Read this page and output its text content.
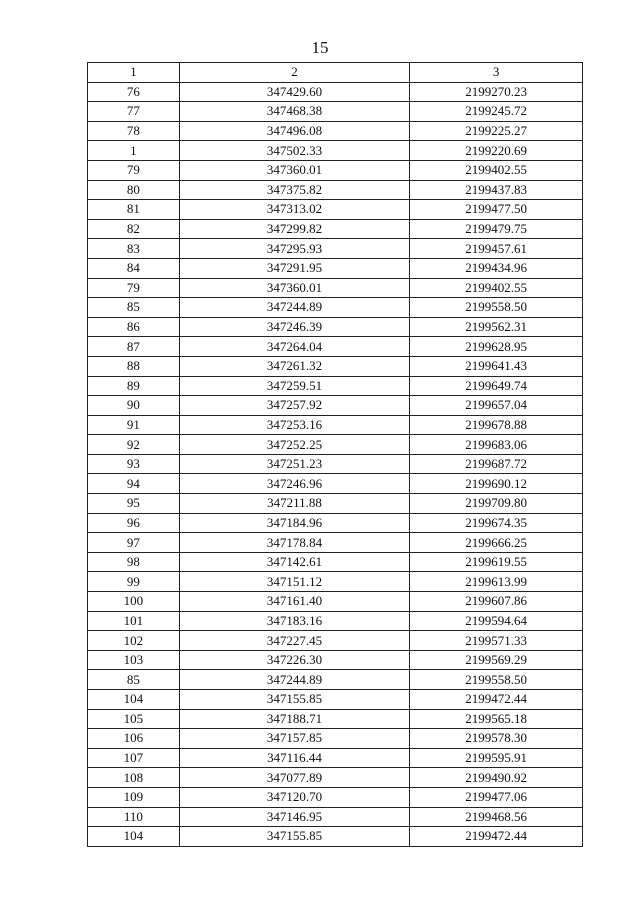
15
1	2	3
76	347429.60	2199270.23
77	347468.38	2199245.72
78	347496.08	2199225.27
1	347502.33	2199220.69
79	347360.01	2199402.55
80	347375.82	2199437.83
81	347313.02	2199477.50
82	347299.82	2199479.75
83	347295.93	2199457.61
84	347291.95	2199434.96
79	347360.01	2199402.55
85	347244.89	2199558.50
86	347246.39	2199562.31
87	347264.04	2199628.95
88	347261.32	2199641.43
89	347259.51	2199649.74
90	347257.92	2199657.04
91	347253.16	2199678.88
92	347252.25	2199683.06
93	347251.23	2199687.72
94	347246.96	2199690.12
95	347211.88	2199709.80
96	347184.96	2199674.35
97	347178.84	2199666.25
98	347142.61	2199619.55
99	347151.12	2199613.99
100	347161.40	2199607.86
101	347183.16	2199594.64
102	347227.45	2199571.33
103	347226.30	2199569.29
85	347244.89	2199558.50
104	347155.85	2199472.44
105	347188.71	2199565.18
106	347157.85	2199578.30
107	347116.44	2199595.91
108	347077.89	2199490.92
109	347120.70	2199477.06
110	347146.95	2199468.56
104	347155.85	2199472.44
